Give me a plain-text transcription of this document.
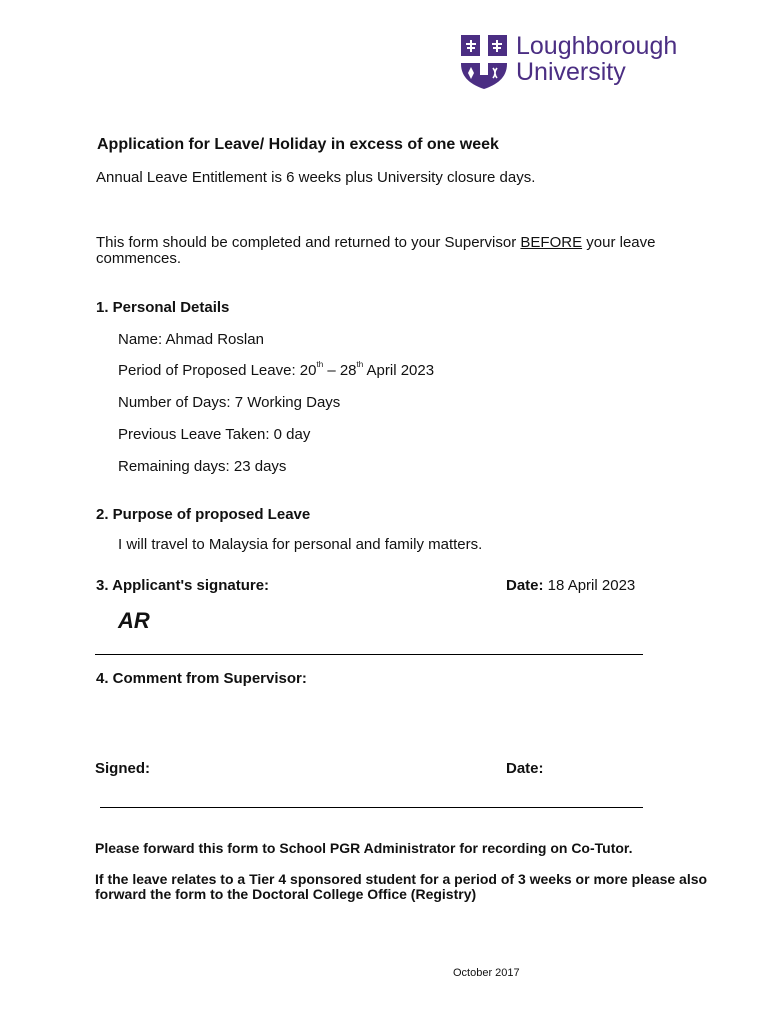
Loughborough
University
Application for Leave/ Holiday in excess of one week
Annual Leave Entitlement is 6 weeks plus University closure days.
This form should be completed and returned to your Supervisor BEFORE your leave
commences.
1. Personal Details
Name: Ahmad Roslan
Period of Proposed Leave: 20th – 28th April 2023
Number of Days: 7 Working Days
Previous Leave Taken: 0 day
Remaining days: 23 days
2. Purpose of proposed Leave
I will travel to Malaysia for personal and family matters.
3. Applicant's signature:	Date: 18 April 2023
AR
4. Comment from Supervisor:
Signed:	Date:
Please forward this form to School PGR Administrator for recording on Co-Tutor.
If the leave relates to a Tier 4 sponsored student for a period of 3 weeks or more please also
forward the form to the Doctoral College Office (Registry)
October 2017
